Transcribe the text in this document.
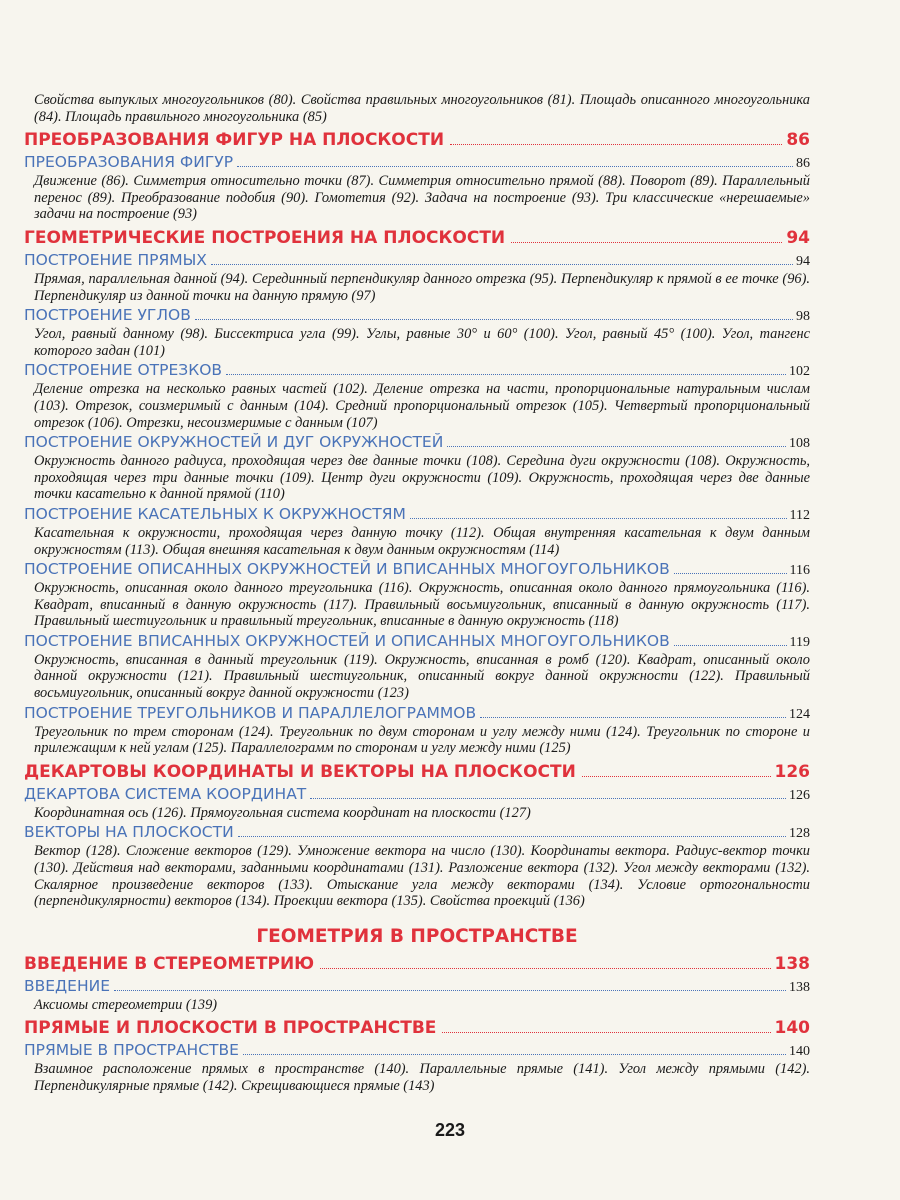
Свойства выпуклых многоугольников (80). Свойства правильных многоугольников (81). Площадь описанного многоугольника (84). Площадь правильного многоугольника (85)

ПРЕОБРАЗОВАНИЯ ФИГУР НА ПЛОСКОСТИ	86
ПРЕОБРАЗОВАНИЯ ФИГУР	86

Движение (86). Симметрия относительно точки (87). Симметрия относительно прямой (88). Поворот (89). Параллельный перенос (89). Преобразование подобия (90). Гомотетия (92). Задача на построение (93). Три классические «нерешаемые» задачи на построение (93)

ГЕОМЕТРИЧЕСКИЕ ПОСТРОЕНИЯ НА ПЛОСКОСТИ	94
ПОСТРОЕНИЕ ПРЯМЫХ	94

Прямая, параллельная данной (94). Серединный перпендикуляр данного отрезка (95). Перпендикуляр к прямой в ее точке (96). Перпендикуляр из данной точки на данную прямую (97)

ПОСТРОЕНИЕ УГЛОВ	98

Угол, равный данному (98). Биссектриса угла (99). Углы, равные 30° и 60° (100). Угол, равный 45° (100). Угол, тангенс которого задан (101)

ПОСТРОЕНИЕ ОТРЕЗКОВ	102

Деление отрезка на несколько равных частей (102). Деление отрезка на части, пропорциональные натуральным числам (103). Отрезок, соизмеримый с данным (104). Средний пропорциональный отрезок (105). Четвертый пропорциональный отрезок (106). Отрезки, несоизмеримые с данным (107)

ПОСТРОЕНИЕ ОКРУЖНОСТЕЙ И ДУГ ОКРУЖНОСТЕЙ	108

Окружность данного радиуса, проходящая через две данные точки (108). Середина дуги окружности (108). Окружность, проходящая через три данные точки (109). Центр дуги окружности (109). Окружность, проходящая через две данные точки касательно к данной прямой (110)

ПОСТРОЕНИЕ КАСАТЕЛЬНЫХ К ОКРУЖНОСТЯМ	112

Касательная к окружности, проходящая через данную точку (112). Общая внутренняя касательная к двум данным окружностям (113). Общая внешняя касательная к двум данным окружностям (114)

ПОСТРОЕНИЕ ОПИСАННЫХ ОКРУЖНОСТЕЙ И ВПИСАННЫХ МНОГОУГОЛЬНИКОВ	116

Окружность, описанная около данного треугольника (116). Окружность, описанная около данного прямоугольника (116). Квадрат, вписанный в данную окружность (117). Правильный восьмиугольник, вписанный в данную окружность (117). Правильный шестиугольник и правильный треугольник, вписанные в данную окружность (118)

ПОСТРОЕНИЕ ВПИСАННЫХ ОКРУЖНОСТЕЙ И ОПИСАННЫХ МНОГОУГОЛЬНИКОВ	119

Окружность, вписанная в данный треугольник (119). Окружность, вписанная в ромб (120). Квадрат, описанный около данной окружности (121). Правильный шестиугольник, описанный вокруг данной окружности (122). Правильный восьмиугольник, описанный вокруг данной окружности (123)

ПОСТРОЕНИЕ ТРЕУГОЛЬНИКОВ И ПАРАЛЛЕЛОГРАММОВ	124

Треугольник по трем сторонам (124). Треугольник по двум сторонам и углу между ними (124). Треугольник по стороне и прилежащим к ней углам (125). Параллелограмм по сторонам и углу между ними (125)

ДЕКАРТОВЫ КООРДИНАТЫ И ВЕКТОРЫ НА ПЛОСКОСТИ	126
ДЕКАРТОВА СИСТЕМА КООРДИНАТ	126

Координатная ось (126). Прямоугольная система координат на плоскости (127)

ВЕКТОРЫ НА ПЛОСКОСТИ	128

Вектор (128). Сложение векторов (129). Умножение вектора на число (130). Координаты вектора. Радиус-вектор точки (130). Действия над векторами, заданными координатами (131). Разложение вектора (132). Угол между векторами (132). Скалярное произведение векторов (133). Отыскание угла между векторами (134). Условие ортогональности (перпендикулярности) векторов (134). Проекции вектора (135). Свойства проекций (136)

ГЕОМЕТРИЯ В ПРОСТРАНСТВЕ
ВВЕДЕНИЕ В СТЕРЕОМЕТРИЮ	138
ВВЕДЕНИЕ	138

Аксиомы стереометрии (139)

ПРЯМЫЕ И ПЛОСКОСТИ В ПРОСТРАНСТВЕ	140
ПРЯМЫЕ В ПРОСТРАНСТВЕ	140

Взаимное расположение прямых в пространстве (140). Параллельные прямые (141). Угол между прямыми (142). Перпендикулярные прямые (142). Скрещивающиеся прямые (143)

223
